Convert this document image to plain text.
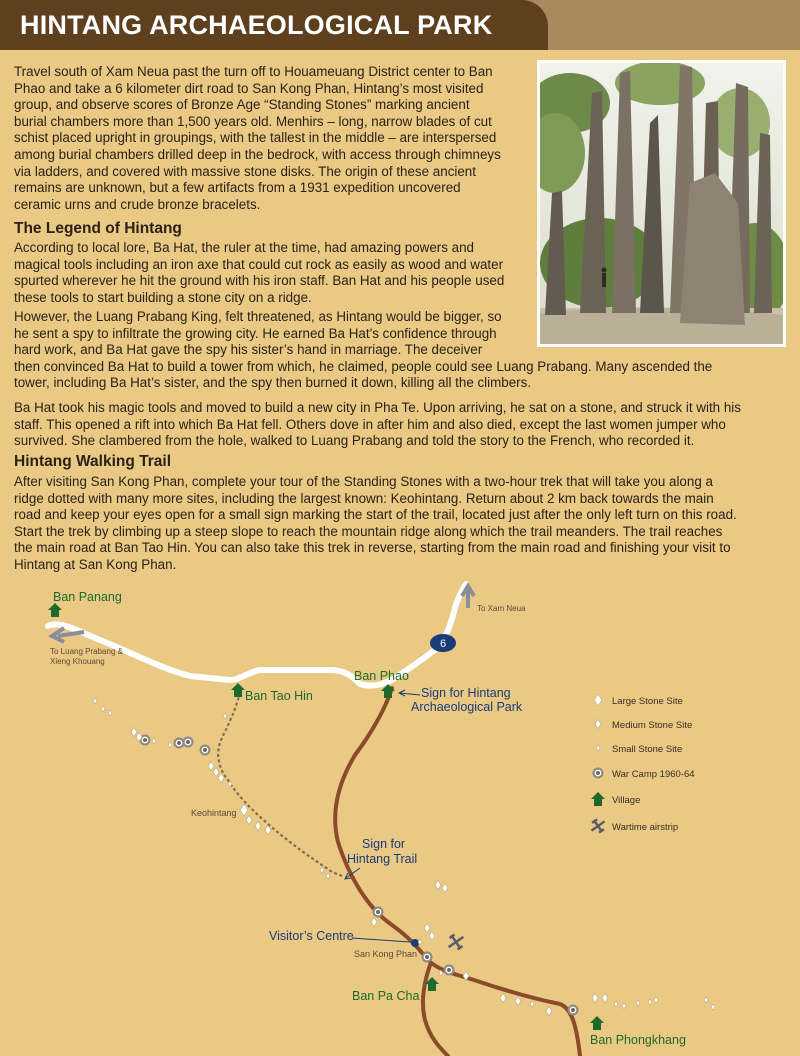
HINTANG ARCHAEOLOGICAL PARK

Travel south of Xam Neua past the turn off to Houameuang District center to Ban

Phao and take a 6 kilometer dirt road to San Kong Phan, Hintang’s most visited

group, and observe scores of Bronze Age “Standing Stones” marking ancient

burial chambers more than 1,500 years old. Menhirs – long, narrow blades of cut

schist placed upright in groupings, with the tallest in the middle – are interspersed

among burial chambers drilled deep in the bedrock, with access through chimneys

via ladders, and covered with massive stone disks. The origin of these ancient

remains are unknown, but a few artifacts from a 1931 expedition uncovered

ceramic urns and crude bronze bracelets.

The Legend of Hintang

According to local lore, Ba Hat, the ruler at the time, had amazing powers and

magical tools including an iron axe that could cut rock as easily as wood and water

spurted wherever he hit the ground with his iron staff. Ban Hat and his people used

these tools to start building a stone city on a ridge.

However, the Luang Prabang King, felt threatened, as Hintang would be bigger, so

he sent a spy to infiltrate the growing city. He earned Ba Hat’s confidence through

hard work, and Ba Hat gave the spy his sister’s hand in marriage. The deceiver

then convinced Ba Hat to build a tower from which, he claimed, people could see Luang Prabang. Many ascended the

tower, including Ba Hat’s sister, and the spy then burned it down, killing all the climbers.

Ba Hat took his magic tools and moved to build a new city in Pha Te. Upon arriving, he sat on a stone, and struck it with his

staff. This opened a rift into which Ba Hat fell. Others dove in after him and also died, except the last women jumper who

survived. She clambered from the hole, walked to Luang Prabang and told the story to the French, who recorded it.

Hintang Walking Trail

After visiting San Kong Phan, complete your tour of the Standing Stones with a two-hour trek that will take you along a

ridge dotted with many more sites, including the largest known: Keohintang. Return about 2 km back towards the main

road and keep your eyes open for a small sign marking the start of the trail, located just after the only left turn on this road.

Start the trek by climbing up a steep slope to reach the mountain ridge along which the trail meanders. The trail reaches

the main road at Ban Tao Hin. You can also take this trek in reverse, starting from the main road and finishing your visit to

Hintang at San Kong Phan.

6
Ban Panang
Ban Tao Hin
Ban Phao
Ban Pa Cha
Ban Phongkhang
To Xam Neua
To Luang Prabang &
Xieng Khouang
Sign for Hintang
Archaeological Park
Sign for
Hintang Trail
Keohintang
Visitor’s Centre
San Kong Phan
Large Stone Site
Medium Stone Site
Small Stone Site
War Camp 1960-64
Village
Wartime airstrip
